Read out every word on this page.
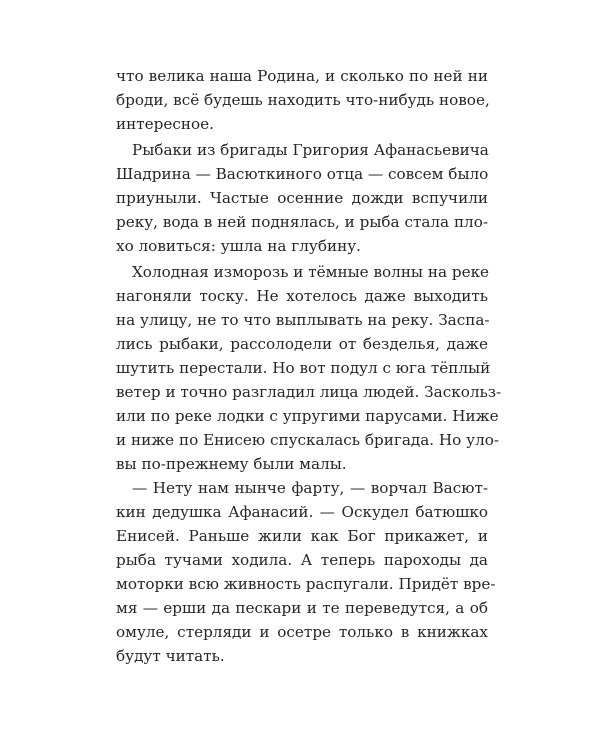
что велика наша Родина, и сколько по ней ни
броди, всё будешь находить что-нибудь новое,
интересное.
Рыбаки из бригады Григория Афанасьевича
Шадрина — Васюткиного отца — совсем было
приуныли. Частые осенние дожди вспучили
реку, вода в ней поднялась, и рыба стала пло-
хо ловиться: ушла на глубину.
Холодная изморозь и тёмные волны на реке
нагоняли тоску. Не хотелось даже выходить
на улицу, не то что выплывать на реку. Заспа-
лись рыбаки, рассолодели от безделья, даже
шутить перестали. Но вот подул с юга тёплый
ветер и точно разгладил лица людей. Заскольз-
или по реке лодки с упругими парусами. Ниже
и ниже по Енисею спускалась бригада. Но уло-
вы по-прежнему были малы.
— Нету нам нынче фарту, — ворчал Васют-
кин дедушка Афанасий. — Оскудел батюшко
Енисей. Раньше жили как Бог прикажет, и
рыба тучами ходила. А теперь пароходы да
моторки всю живность распугали. Придёт вре-
мя — ерши да пескари и те переведутся, а об
омуле, стерляди и осетре только в книжках
будут читать.
